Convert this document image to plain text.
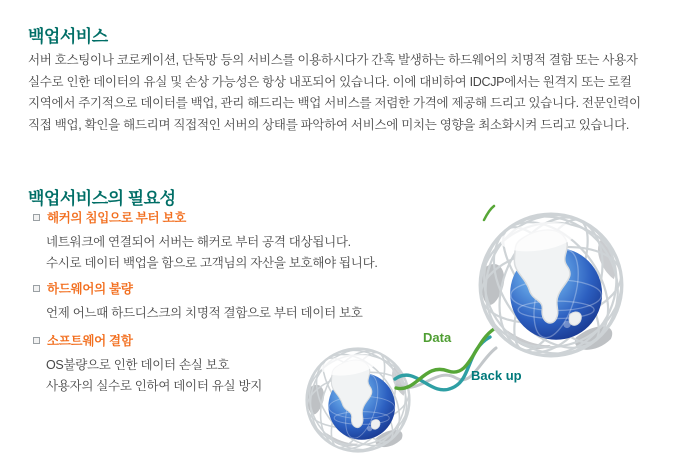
백업서비스
서버 호스팅이나 코로케이션, 단독망 등의 서비스를 이용하시다가 간혹 발생하는 하드웨어의 치명적 결함 또는 사용자
실수로 인한 데이터의 유실 및 손상 가능성은 항상 내포되어 있습니다. 이에 대비하여 IDCJP에서는 원격지 또는 로컬
지역에서 주기적으로 데이터를 백업, 관리 해드리는 백업 서비스를 저렴한 가격에 제공해 드리고 있습니다. 전문인력이
직접 백업, 확인을 해드리며 직접적인 서버의 상태를 파악하여 서비스에 미치는 영향을 최소화시켜 드리고 있습니다.
백업서비스의 필요성
해커의 침입으로 부터 보호
네트워크에 연결되어 서버는 해커로 부터 공격 대상됩니다.
수시로 데이터 백업을 함으로 고객님의 자산을 보호해야 됩니다.
하드웨어의 불량
언제 어느때 하드디스크의 치명적 결함으로 부터 데이터 보호
소프트웨어 결함
OS불량으로 인한 데이터 손실 보호
사용자의 실수로 인하여 데이터 유실 방지
Data
Back up
